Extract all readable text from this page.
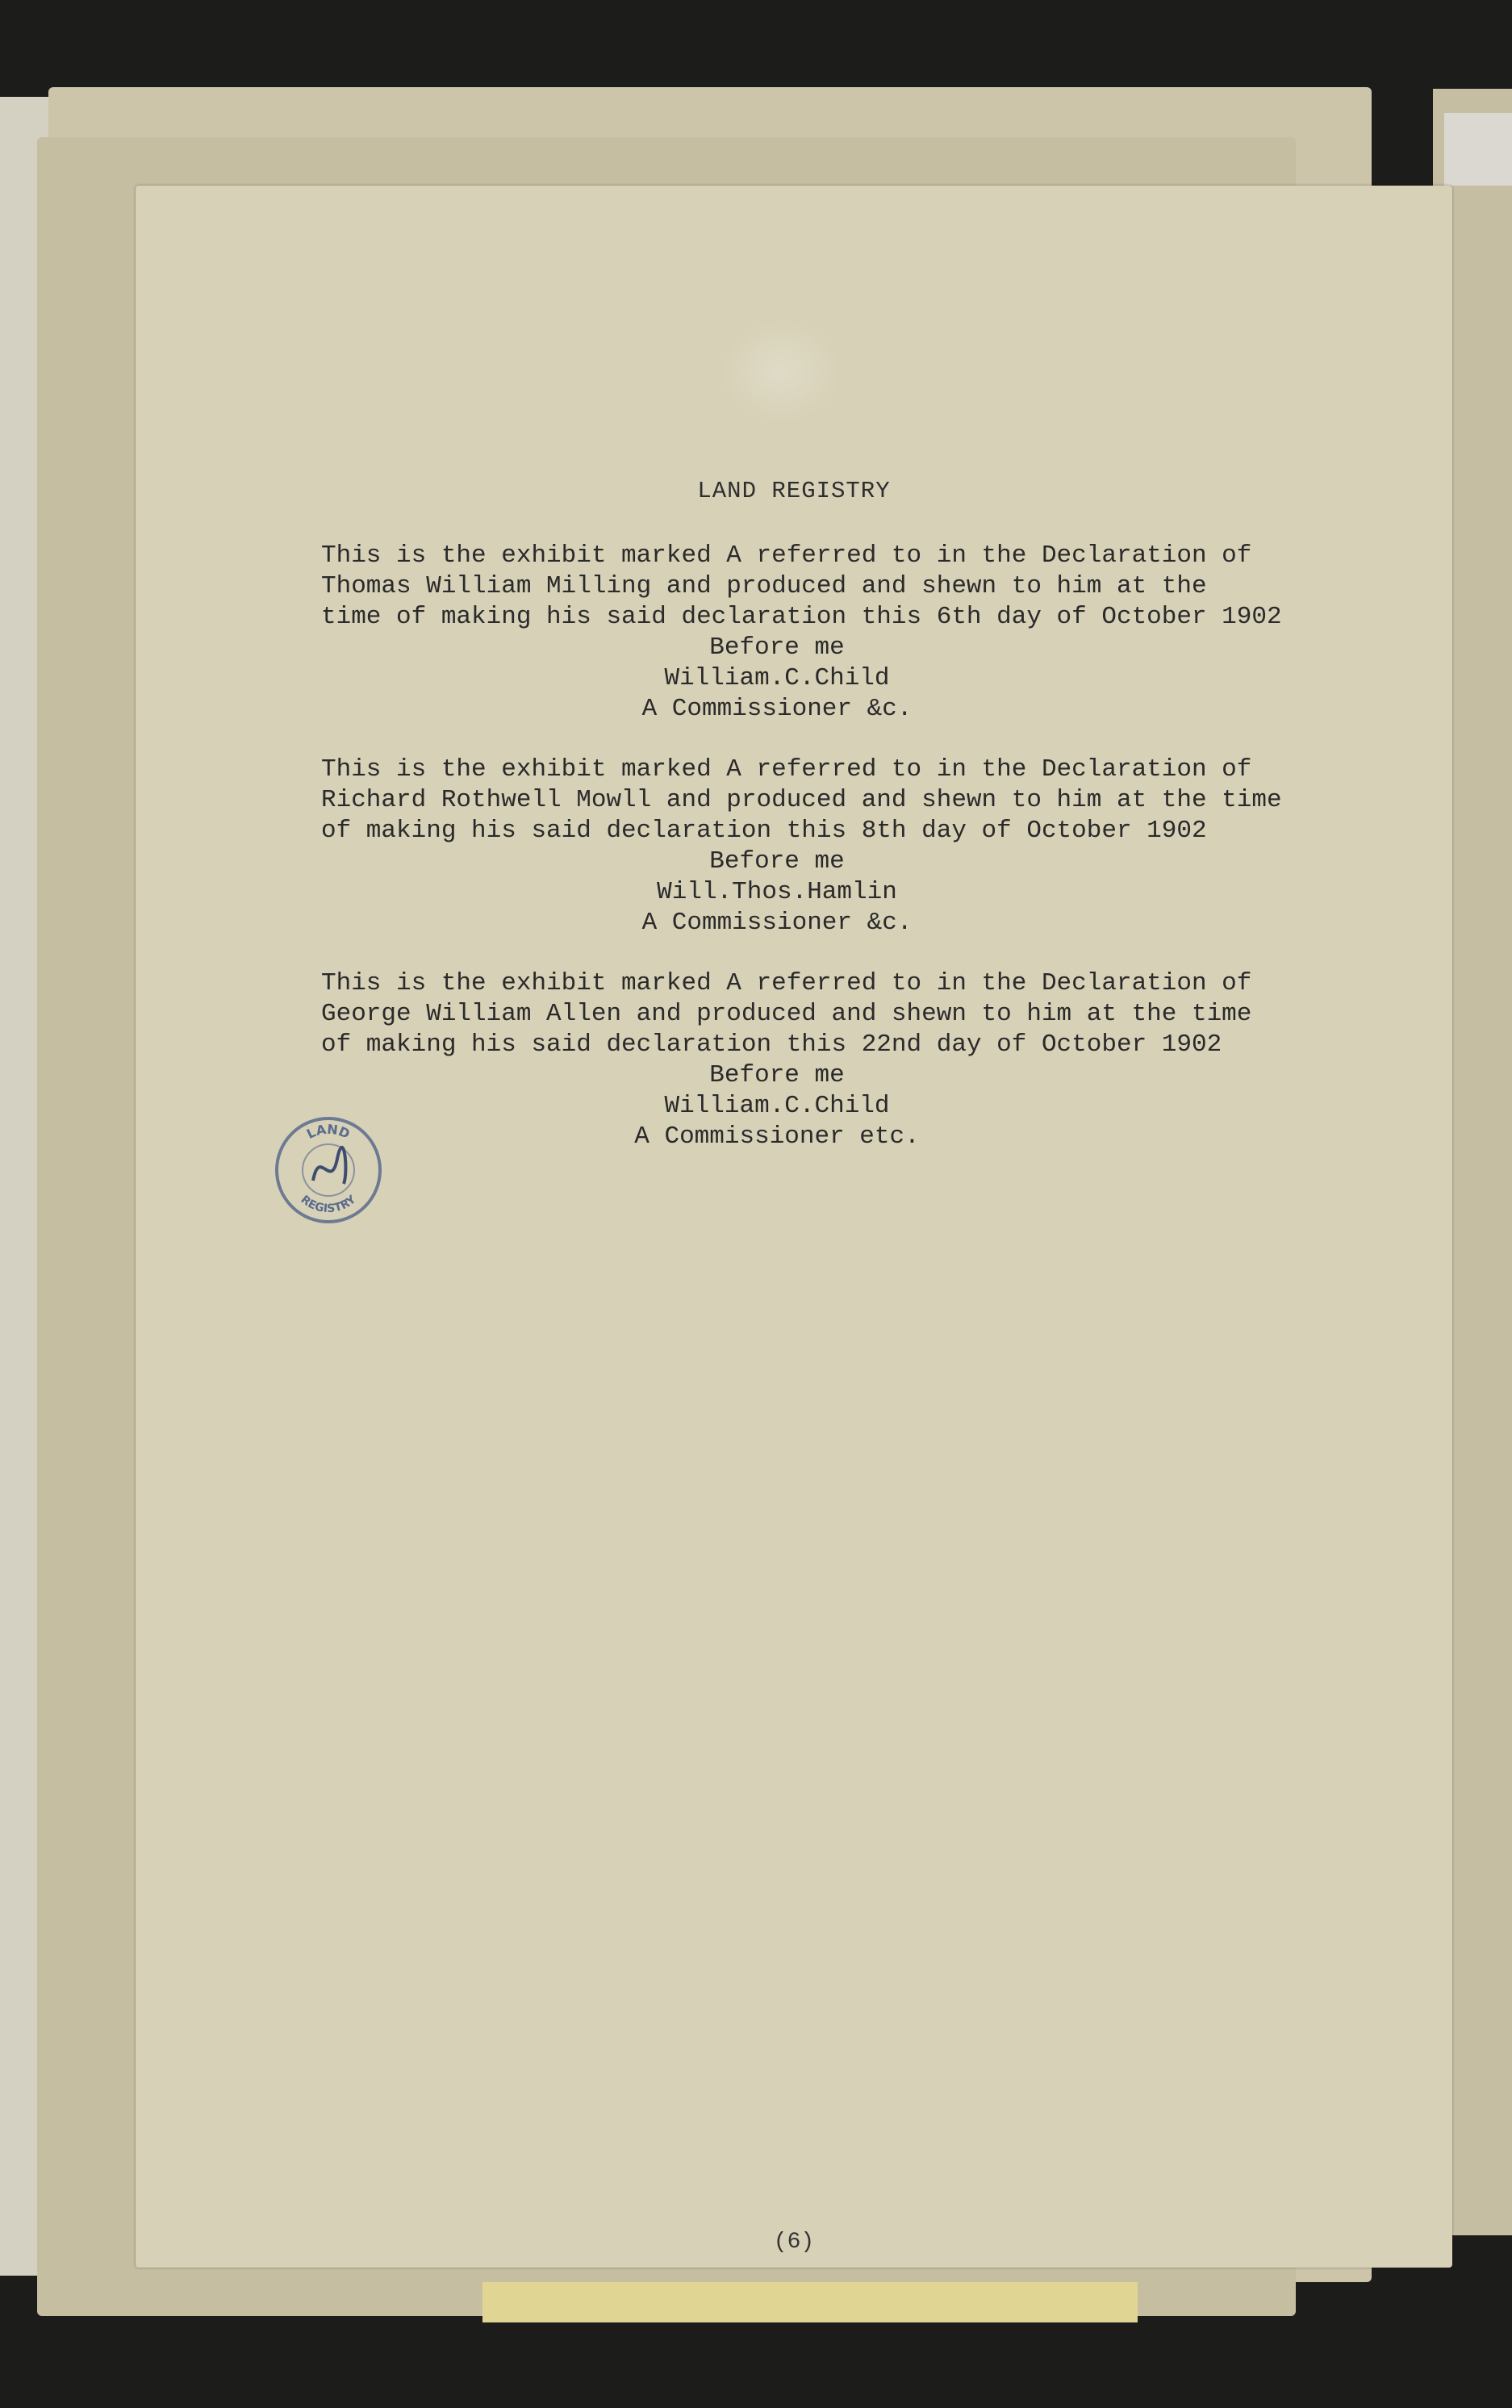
LAND REGISTRY

This is the exhibit marked A referred to in the Declaration of

Thomas William Milling and produced and shewn to him at the

time of making his said declaration this 6th day of October 1902

Before me

William.C.Child

A Commissioner &c.

This is the exhibit marked A referred to in the Declaration of

Richard Rothwell Mowll and produced and shewn to him at the time

of making his said declaration this 8th day of October 1902

Before me

Will.Thos.Hamlin

A Commissioner &c.

This is the exhibit marked A referred to in the Declaration of

George William Allen and produced and shewn to him at the time

of making his said declaration this 22nd day of October 1902

Before me

William.C.Child

A Commissioner etc.

(6)

LAND
REGISTRY
